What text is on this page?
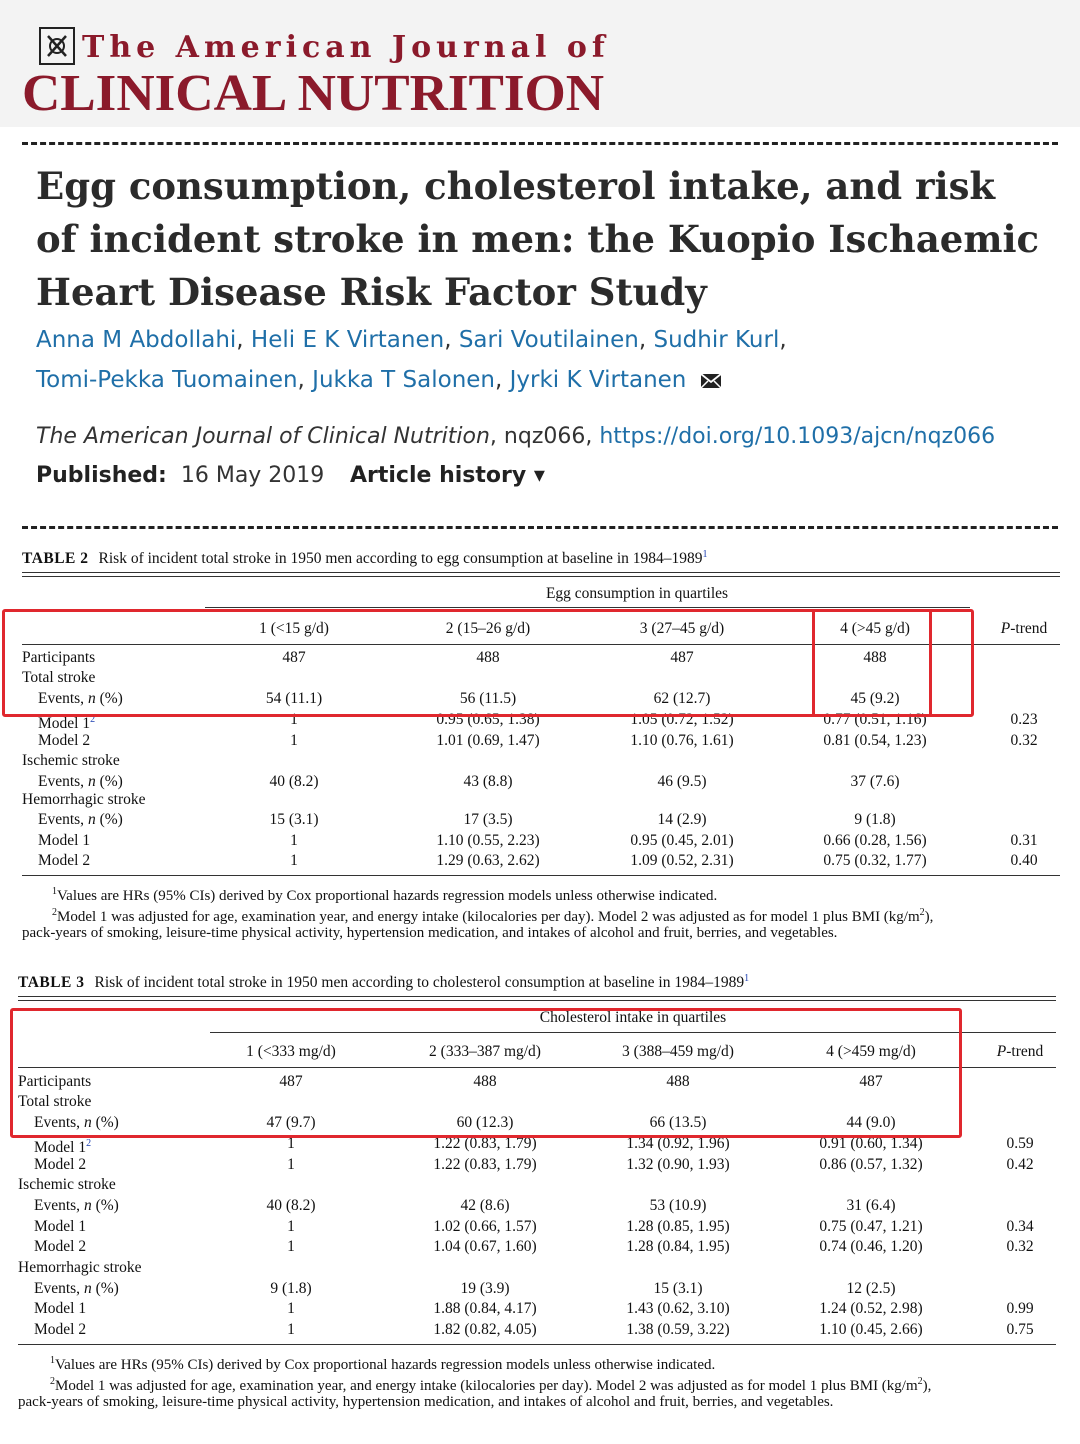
The American Journal of
CLINICAL NUTRITION
Egg consumption, cholesterol intake, and risk of incident stroke in men: the Kuopio Ischaemic Heart Disease Risk Factor Study
Anna M Abdollahi, Heli E K Virtanen, Sari Voutilainen, Sudhir Kurl,
Tomi-Pekka Tuomainen, Jukka T Salonen, Jyrki K Virtanen
The American Journal of Clinical Nutrition, nqz066, https://doi.org/10.1093/ajcn/nqz066
Published: 16 May 2019 Article history ▾
TABLE 2 Risk of incident total stroke in 1950 men according to egg consumption at baseline in 1984–1989$^1$
Egg consumption in quartiles
1 (<15 g/d)	2 (15–26 g/d)	3 (27–45 g/d)	4 (>45 g/d)	P-trend
Participants	487	488	487	488
Total stroke
Events, n (%)	54 (11.1)	56 (11.5)	62 (12.7)	45 (9.2)
Model $1^2$	1	0.95 (0.65, 1.38)	1.05 (0.72, 1.52)	0.77 (0.51, 1.16)	0.23
Model 2	1	1.01 (0.69, 1.47)	1.10 (0.76, 1.61)	0.81 (0.54, 1.23)	0.32
Ischemic stroke
Events, n (%)	40 (8.2)	43 (8.8)	46 (9.5)	37 (7.6)
Hemorrhagic stroke
Events, n (%)	15 (3.1)	17 (3.5)	14 (2.9)	9 (1.8)
Model 1	1	1.10 (0.55, 2.23)	0.95 (0.45, 2.01)	0.66 (0.28, 1.56)	0.31
Model 2	1	1.29 (0.63, 2.62)	1.09 (0.52, 2.31)	0.75 (0.32, 1.77)	0.40
$^1$Values are HRs (95% CIs) derived by Cox proportional hazards regression models unless otherwise indicated.
$^2$Model 1 was adjusted for age, examination year, and energy intake (kilocalories per day). Model 2 was adjusted as for model 1 plus BMI $(kg/m^2)$,
pack-years of smoking, leisure-time physical activity, hypertension medication, and intakes of alcohol and fruit, berries, and vegetables.
TABLE 3 Risk of incident total stroke in 1950 men according to cholesterol consumption at baseline in 1984–1989$^1$
Cholesterol intake in quartiles
1 (<333 mg/d)	2 (333–387 mg/d)	3 (388–459 mg/d)	4 (>459 mg/d)	P-trend
Participants	487	488	488	487
Total stroke
Events, n (%)	47 (9.7)	60 (12.3)	66 (13.5)	44 (9.0)
Model $1^2$	1	1.22 (0.83, 1.79)	1.34 (0.92, 1.96)	0.91 (0.60, 1.34)	0.59
Model 2	1	1.22 (0.83, 1.79)	1.32 (0.90, 1.93)	0.86 (0.57, 1.32)	0.42
Ischemic stroke
Events, n (%)	40 (8.2)	42 (8.6)	53 (10.9)	31 (6.4)
Model 1	1	1.02 (0.66, 1.57)	1.28 (0.85, 1.95)	0.75 (0.47, 1.21)	0.34
Model 2	1	1.04 (0.67, 1.60)	1.28 (0.84, 1.95)	0.74 (0.46, 1.20)	0.32
Hemorrhagic stroke
Events, n (%)	9 (1.8)	19 (3.9)	15 (3.1)	12 (2.5)
Model 1	1	1.88 (0.84, 4.17)	1.43 (0.62, 3.10)	1.24 (0.52, 2.98)	0.99
Model 2	1	1.82 (0.82, 4.05)	1.38 (0.59, 3.22)	1.10 (0.45, 2.66)	0.75
$^1$Values are HRs (95% CIs) derived by Cox proportional hazards regression models unless otherwise indicated.
$^2$Model 1 was adjusted for age, examination year, and energy intake (kilocalories per day). Model 2 was adjusted as for model 1 plus BMI $(kg/m^2)$,
pack-years of smoking, leisure-time physical activity, hypertension medication, and intakes of alcohol and fruit, berries, and vegetables.
